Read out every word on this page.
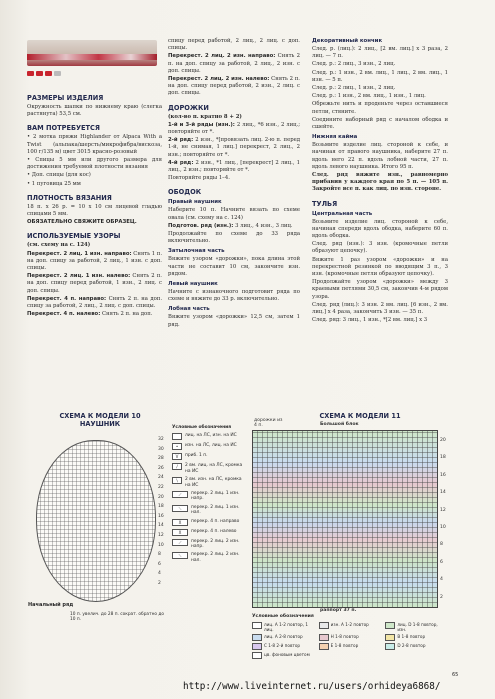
РАЗМЕРЫ ИЗДЕЛИЯ

Окружность шапки по нижнему краю (слегка растянута) 53,5 см.

ВАМ ПОТРЕБУЕТСЯ

• 2 мотка пряжи Highlander от Alpaca With a Twist (альпака/шерсть/микрофибра/вискоза, 100 г/135 м) цвет 3015 красно-розовый

• Спицы 5 мм или другого размера для достижения требуемой плотности вязания

• Доп. спицы (для кос)

• 1 пуговица 25 мм

ПЛОТНОСТЬ ВЯЗАНИЯ

18 п. х 26 р. = 10 х 10 см лицевой гладью спицами 5 мм.

ОБЯЗАТЕЛЬНО СВЯЖИТЕ ОБРАЗЕЦ.

ИСПОЛЬЗУЕМЫЕ УЗОРЫ

(см. схему на с. 124)

Перекрест. 2 лиц. 1 изн. направо: Снять 1 п. на доп. спицу за работой, 2 лиц., 1 изн. с доп. спицы.

Перекрест. 2 лиц. 1 изн. налево: Снять 2 п. на доп. спицу перед работой, 1 изн., 2 лиц. с доп. спицы.

Перекрест. 4 п. направо: Снять 2 п. на доп. спицу за работой, 2 лиц., 2 лиц. с доп. спицы.

Перекрест. 4 п. налево: Снять 2 п. на доп.

спицу перед работой, 2 лиц., 2 лиц. с доп. спицы.

Перекрест. 2 лиц. 2 изн. направо: Снять 2 п. на доп. спицу за работой, 2 лиц., 2 изн. с доп. спицы.

Перекрест. 2 лиц. 2 изн. налево: Снять 2 п. на доп. спицу перед работой, 2 изн., 2 лиц. с доп. спицы.

ДОРОЖКИ

(кол-во п. кратно 8 + 2)

1-й и 3-й ряды (изн.): 2 лиц., *6 изн., 2 лиц.; повторяйте от *.

2-й ряд: 2 изн., *[провязать лиц. 2-ю п. перед 1-й, не снимая, 1 лиц.] перекрест, 2 лиц., 2 изн.; повторяйте от *.

4-й ряд: 2 изн., *1 лиц., [перекрест] 2 лиц., 1 лиц., 2 изн.; повторяйте от *.

Повторяйте ряды 1–4.

ОБОДОК
Правый наушник

Наберите 10 п. Начните вязать по схеме овала (см. схему на с. 124)

Подготов. ряд (изн.): 3 лиц., 4 изн., 3 лиц.

Продолжайте по схеме до 33 ряда включительно.

Затылочная часть

Вяжите узором «дорожки», пока длина этой части не составит 10 см, закончите изн. рядом.

Левый наушник

Начните с изнаночного подготовит ряда по схеме и вяжите до 33 р. включительно.

Лобная часть

Вяжите узором «дорожки» 12,5 см, затем 1 ряд.

Декоративный кончик

След. р. (лиц.): 2 лиц., [2 вм. лиц.] x 3 раза, 2 лиц. — 7 п.

След. р.: 2 лиц., 3 изн., 2 лиц.

След. р.: 1 изн., 2 вм. лиц., 1 лиц., 2 вм. лиц., 1 изн. — 5 п.

След. р.: 2 лиц., 1 изн., 2 лиц.

След. р.: 1 изн., 2 вм. лиц., 1 изн., 1 лиц.

Обрежьте нить и проденьте через оставшиеся петли, стяните.

Соедините наборный ряд с началом ободка и сшейте.

Нижняя кайма

Возьмите изделие лиц. стороной к себе, и начиная от правого наушника, наберите 27 п. вдоль него 22 п. вдоль лобной части, 27 п. вдоль левого наушника. Итого 95 п.

След. ряд вяжите изн., равномерно прибавив у каждого края по 5 п. — 105 п. Закройте все п. как лиц. по изн. стороне.

ТУЛЬЯ
Центральная часть

Возьмите изделие лиц. стороной к себе, начиная спереди вдоль ободка, наберите 60 п. вдоль ободка.

След. ряд (изн.): 3 изн. (кромочные петли образуют цепочку).

Вяжите 1 раз узором «дорожки» и на перекрестной резинкой по вводящим 3 п., 3 изн. (кромочные петли образуют цепочку).

Продолжайте узором «дорожки» между 3 краевыми петлями 30,5 см, закончив 4-м рядом узора.

След. ряд (лиц.): 3 изн. 2 вм. лиц. [6 изн., 2 вм. лиц.] x 4 раза, закончить 3 изн. — 35 п.

След. ряд: 3 лиц., 1 изн., *[2 вм. лиц.] x 3

СХЕМА К МОДЕЛИ 10
НАУШНИК
32
30
28
26
24
22
20
18
16
14
12
10
8
6
4
2
Начальный ряд
10 п. увелич. до 28 п. сократ. обратно до 10 п.
Условные обозначения
лиц. на ЛС, изн. на ИС
•	изн. на ЛС, лиц. на ИС
V	приб. 1 п.
/	2 вм. лиц. на ЛС, кромка на ИС
\	2 вм. изн. на ЛС, кромка на ИС
⟋	перекр. 2 лиц. 1 изн. напр.
⟍	перекр. 2 лиц. 1 изн. нал.
X	перекр. 4 п. направо
X	перекр. 4 п. налево
⟋	перекр. 2 лиц. 2 изн. напр.
⟍	перекр. 2 лиц. 2 изн. нал.
СХЕМА К МОДЕЛИ 11
Большой блок
дорожки из 4 п.
20
18
16
14
12
10
8
6
4
2
раппорт 37 п.
Условные обозначения
лиц. А 1-2 повтор, 1 лиц.
изн. А 1-2 повтор	лиц. D 1-8 повтор, изн.
лиц. А 2-8 повтор	Н 1-8 повтор	В 1-8 повтор
С 1-8 2-й повтор	Е 1-8 повтор	D 2-8 повтор
цв. фоновым цветом
65
http://www.liveinternet.ru/users/orhideya6868/
